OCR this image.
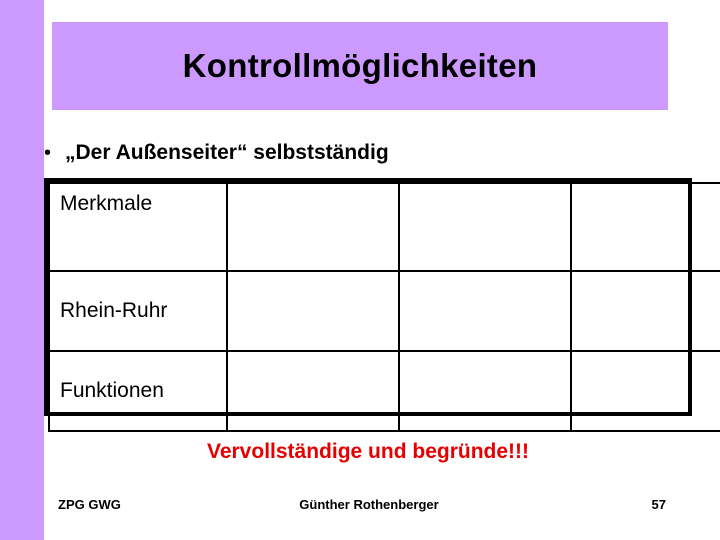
Kontrollmöglichkeiten
• „Der Außenseiter“ selbstständig
Merkmale			
Rhein-Ruhr			
Funktionen			
Vervollständige und begründe!!!
ZPG GWG	Günther Rothenberger	57
